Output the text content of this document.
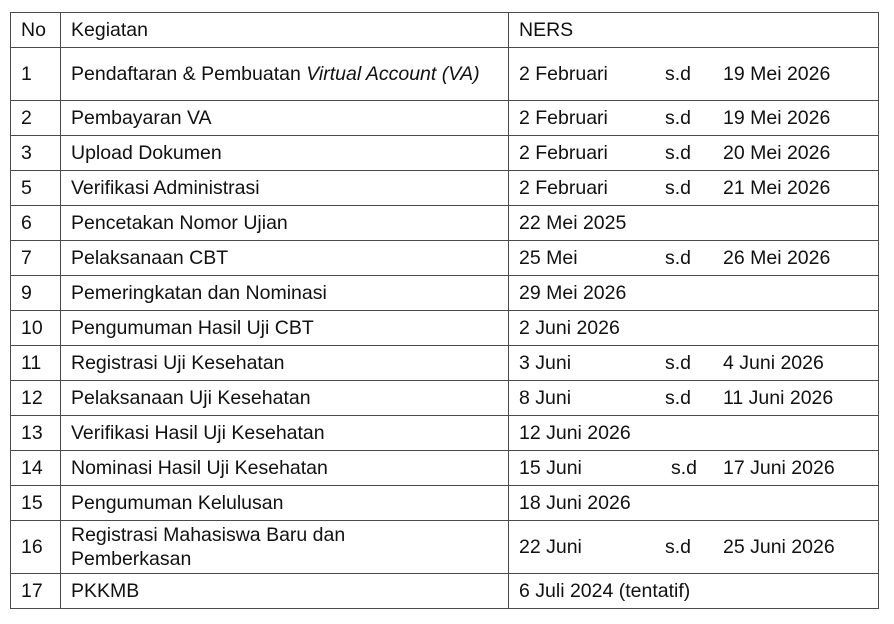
No	Kegiatan	NERS
1	Pendaftaran & Pembuatan Virtual Account (VA)	2 Februari s.d 19 Mei 2026
2	Pembayaran VA	2 Februari s.d 19 Mei 2026
3	Upload Dokumen	2 Februari s.d 20 Mei 2026
5	Verifikasi Administrasi	2 Februari s.d 21 Mei 2026
6	Pencetakan Nomor Ujian	22 Mei 2025
7	Pelaksanaan CBT	25 Mei s.d 26 Mei 2026
9	Pemeringkatan dan Nominasi	29 Mei 2026
10	Pengumuman Hasil Uji CBT	2 Juni 2026
11	Registrasi Uji Kesehatan	3 Juni s.d 4 Juni 2026
12	Pelaksanaan Uji Kesehatan	8 Juni s.d 11 Juni 2026
13	Verifikasi Hasil Uji Kesehatan	12 Juni 2026
14	Nominasi Hasil Uji Kesehatan	15 Juni s.d 17 Juni 2026
15	Pengumuman Kelulusan	18 Juni 2026
16	Registrasi Mahasiswa Baru dan Pemberkasan	22 Juni s.d 25 Juni 2026
17	PKKMB	6 Juli 2024 (tentatif)
